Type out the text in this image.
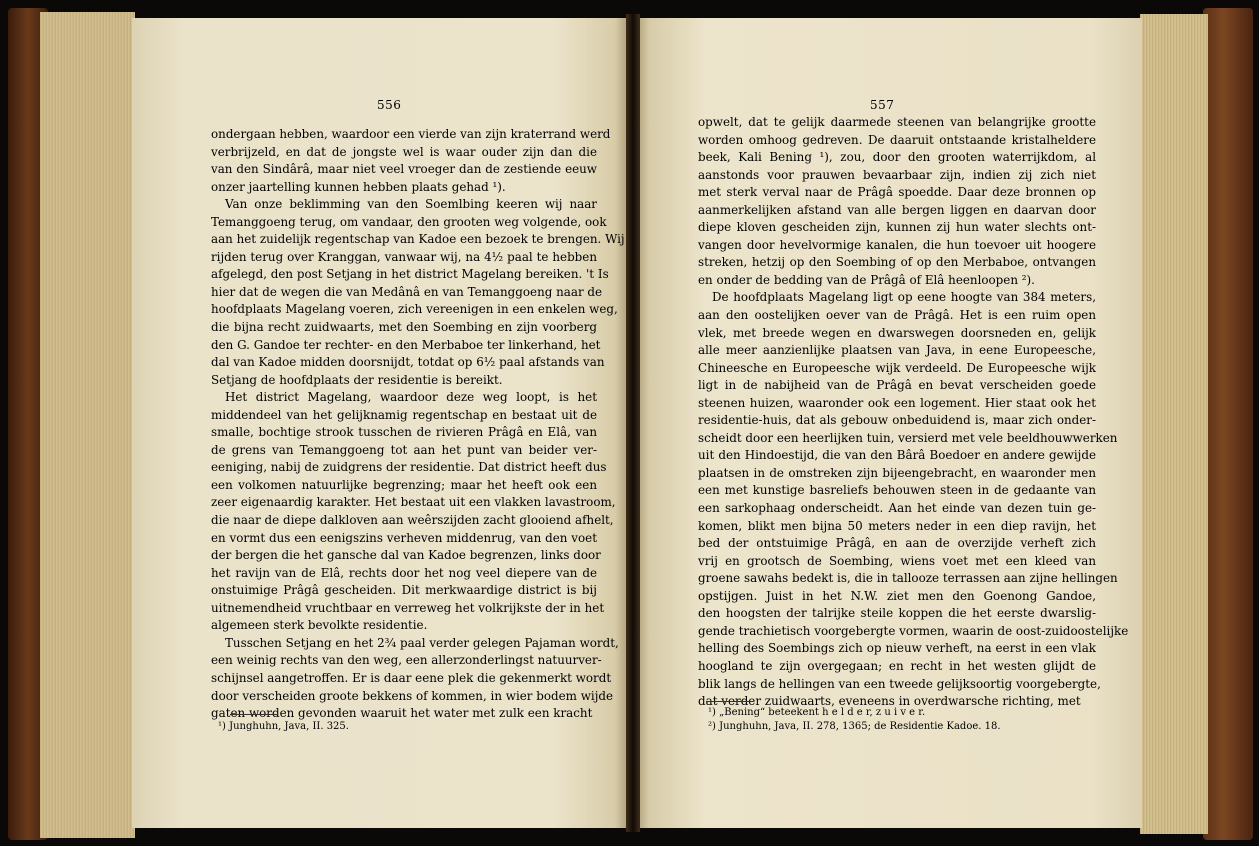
556	557
ondergaan hebben, waardoor een vierde van zijn kraterrand werd
verbrijzeld, en dat de jongste wel is waar ouder zijn dan die
van den Sindârâ, maar niet veel vroeger dan de zestiende eeuw
onzer jaartelling kunnen hebben plaats gehad ¹).
Van onze beklimming van den Soemlbing keeren wij naar
Temanggoeng terug, om vandaar, den grooten weg volgende, ook
aan het zuidelijk regentschap van Kadoe een bezoek te brengen. Wij
rijden terug over Kranggan, vanwaar wij, na 4½ paal te hebben
afgelegd, den post Setjang in het district Magelang bereiken. 't Is
hier dat de wegen die van Medânâ en van Temanggoeng naar de
hoofdplaats Magelang voeren, zich vereenigen in een enkelen weg,
die bijna recht zuidwaarts, met den Soembing en zijn voorberg
den G. Gandoe ter rechter- en den Merbaboe ter linkerhand, het
dal van Kadoe midden doorsnijdt, totdat op 6½ paal afstands van
Setjang de hoofdplaats der residentie is bereikt.
Het district Magelang, waardoor deze weg loopt, is het
middendeel van het gelijknamig regentschap en bestaat uit de
smalle, bochtige strook tusschen de rivieren Prâgâ en Elâ, van
de grens van Temanggoeng tot aan het punt van beider ver-
eeniging, nabij de zuidgrens der residentie. Dat district heeft dus
een volkomen natuurlijke begrenzing; maar het heeft ook een
zeer eigenaardig karakter. Het bestaat uit een vlakken lavastroom,
die naar de diepe dalkloven aan weêrszijden zacht glooiend afhelt,
en vormt dus een eenigszins verheven middenrug, van den voet
der bergen die het gansche dal van Kadoe begrenzen, links door
het ravijn van de Elâ, rechts door het nog veel diepere van de
onstuimige Prâgâ gescheiden. Dit merkwaardige district is bij
uitnemendheid vruchtbaar en verreweg het volkrijkste der in het
algemeen sterk bevolkte residentie.
Tusschen Setjang en het 2¾ paal verder gelegen Pajaman wordt,
een weinig rechts van den weg, een allerzonderlingst natuurver-
schijnsel aangetroffen. Er is daar eene plek die gekenmerkt wordt
door verscheiden groote bekkens of kommen, in wier bodem wijde
gaten worden gevonden waaruit het water met zulk een kracht
opwelt, dat te gelijk daarmede steenen van belangrijke grootte
worden omhoog gedreven. De daaruit ontstaande kristalheldere
beek, Kali Bening ¹), zou, door den grooten waterrijkdom, al
aanstonds voor prauwen bevaarbaar zijn, indien zij zich niet
met sterk verval naar de Prâgâ spoedde. Daar deze bronnen op
aanmerkelijken afstand van alle bergen liggen en daarvan door
diepe kloven gescheiden zijn, kunnen zij hun water slechts ont-
vangen door hevelvormige kanalen, die hun toevoer uit hoogere
streken, hetzij op den Soembing of op den Merbaboe, ontvangen
en onder de bedding van de Prâgâ of Elâ heenloopen ²).
De hoofdplaats Magelang ligt op eene hoogte van 384 meters,
aan den oostelijken oever van de Prâgâ. Het is een ruim open
vlek, met breede wegen en dwarswegen doorsneden en, gelijk
alle meer aanzienlijke plaatsen van Java, in eene Europeesche,
Chineesche en Europeesche wijk verdeeld. De Europeesche wijk
ligt in de nabijheid van de Prâgâ en bevat verscheiden goede
steenen huizen, waaronder ook een logement. Hier staat ook het
residentie-huis, dat als gebouw onbeduidend is, maar zich onder-
scheidt door een heerlijken tuin, versierd met vele beeldhouwwerken
uit den Hindoestijd, die van den Bârâ Boedoer en andere gewijde
plaatsen in de omstreken zijn bijeengebracht, en waaronder men
een met kunstige basreliefs behouwen steen in de gedaante van
een sarkophaag onderscheidt. Aan het einde van dezen tuin ge-
komen, blikt men bijna 50 meters neder in een diep ravijn, het
bed der ontstuimige Prâgâ, en aan de overzijde verheft zich
vrij en grootsch de Soembing, wiens voet met een kleed van
groene sawahs bedekt is, die in tallooze terrassen aan zijne hellingen
opstijgen. Juist in het N.W. ziet men den Goenong Gandoe,
den hoogsten der talrijke steile koppen die het eerste dwarslig-
gende trachietisch voorgebergte vormen, waarin de oost-zuidoostelijke
helling des Soembings zich op nieuw verheft, na eerst in een vlak
hoogland te zijn overgegaan; en recht in het westen glijdt de
blik langs de hellingen van een tweede gelijksoortig voorgebergte,
dat verder zuidwaarts, eveneens in overdwarsche richting, met
¹) Junghuhn, Java, II. 325.
¹) „Bening“ beteekent h e l d e r, z u i v e r.
²) Junghuhn, Java, II. 278, 1365; de Residentie Kadoe. 18.
